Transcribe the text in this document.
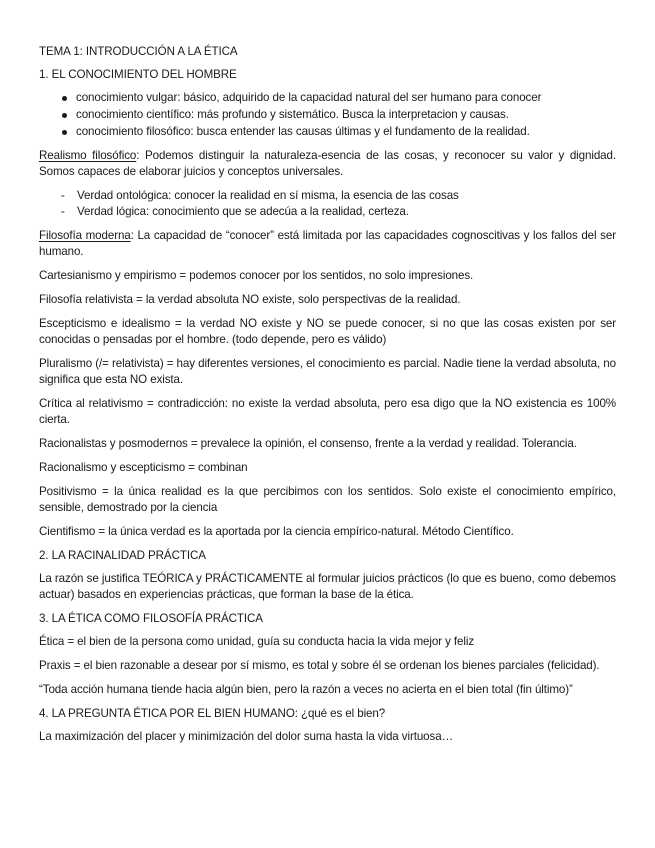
TEMA 1: INTRODUCCIÓN A LA ÉTICA

1. EL CONOCIMIENTO DEL HOMBRE

conocimiento vulgar: básico, adquirido de la capacidad natural del ser humano para conocer
conocimiento científico: más profundo y sistemático. Busca la interpretacion y causas.
conocimiento filosófico: busca entender las causas últimas y el fundamento de la realidad.

Realismo filosófico: Podemos distinguir la naturaleza-esencia de las cosas, y reconocer su valor y dignidad. Somos capaces de elaborar juicios y conceptos universales.

- Verdad ontológica: conocer la realidad en sí misma, la esencia de las cosas
- Verdad lógica: conocimiento que se adecúa a la realidad, certeza.

Filosofía moderna: La capacidad de “conocer” está limitada por las capacidades cognoscitivas y los fallos del ser humano.

Cartesianismo y empirismo = podemos conocer por los sentidos, no solo impresiones.

Filosofía relativista = la verdad absoluta NO existe, solo perspectivas de la realidad.

Escepticismo e idealismo = la verdad NO existe y NO se puede conocer, si no que las cosas existen por ser conocidas o pensadas por el hombre. (todo depende, pero es válido)

Pluralismo (/= relativista) = hay diferentes versiones, el conocimiento es parcial. Nadie tiene la verdad absoluta, no significa que esta NO exista.

Crítica al relativismo = contradicción: no existe la verdad absoluta, pero esa digo que la NO existencia es 100% cierta.

Racionalistas y posmodernos = prevalece la opinión, el consenso, frente a la verdad y realidad. Tolerancia.

Racionalismo y escepticismo = combinan

Positivismo = la única realidad es la que percibimos con los sentidos. Solo existe el conocimiento empírico, sensible, demostrado por la ciencia

Cientifismo = la única verdad es la aportada por la ciencia empírico-natural. Método Científico.

2. LA RACINALIDAD PRÁCTICA

La razón se justifica TEÓRICA y PRÁCTICAMENTE al formular juicios prácticos (lo que es bueno, como debemos actuar) basados en experiencias prácticas, que forman la base de la ética.

3. LA ÉTICA COMO FILOSOFÍA PRÁCTICA

Ética = el bien de la persona como unidad, guía su conducta hacia la vida mejor y feliz

Praxis = el bien razonable a desear por sí mismo, es total y sobre él se ordenan los bienes parciales (felicidad).

“Toda acción humana tiende hacia algún bien, pero la razón a veces no acierta en el bien total (fin último)”

4. LA PREGUNTA ÉTICA POR EL BIEN HUMANO: ¿qué es el bien?

La maximización del placer y minimización del dolor suma hasta la vida virtuosa…
